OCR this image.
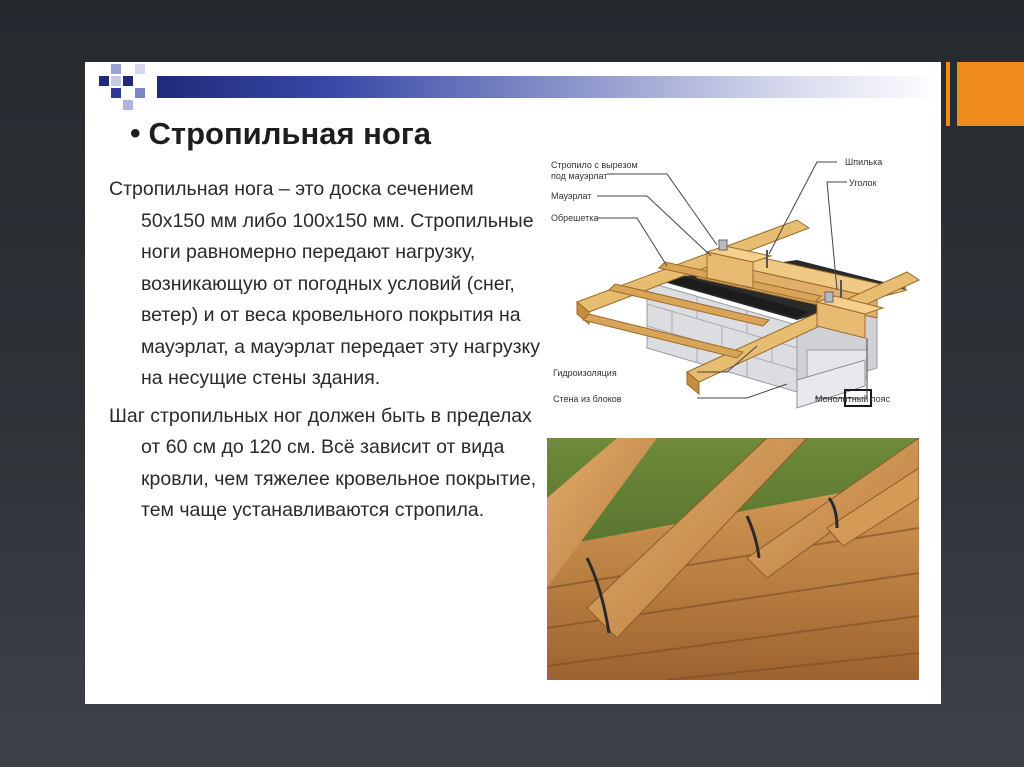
• Стропильная нога

Стропильная нога – это доска сечением 50х150 мм либо 100х150 мм. Стропильные ноги равномерно передают нагрузку, возникающую от погодных условий (снег, ветер) и от веса кровельного покрытия на мауэрлат, а мауэрлат передает эту нагрузку на несущие стены здания.

Шаг стропильных ног должен быть в пределах от 60 см до 120 см. Всё зависит от вида кровли, чем тяжелее кровельное покрытие, тем чаще устанавливаются стропила.

Стропило с вырезом
под мауэрлат
Мауэрлат
Обрешетка
Шпилька
Уголок
Гидроизоляция
Стена из блоков	Монолитный пояс
